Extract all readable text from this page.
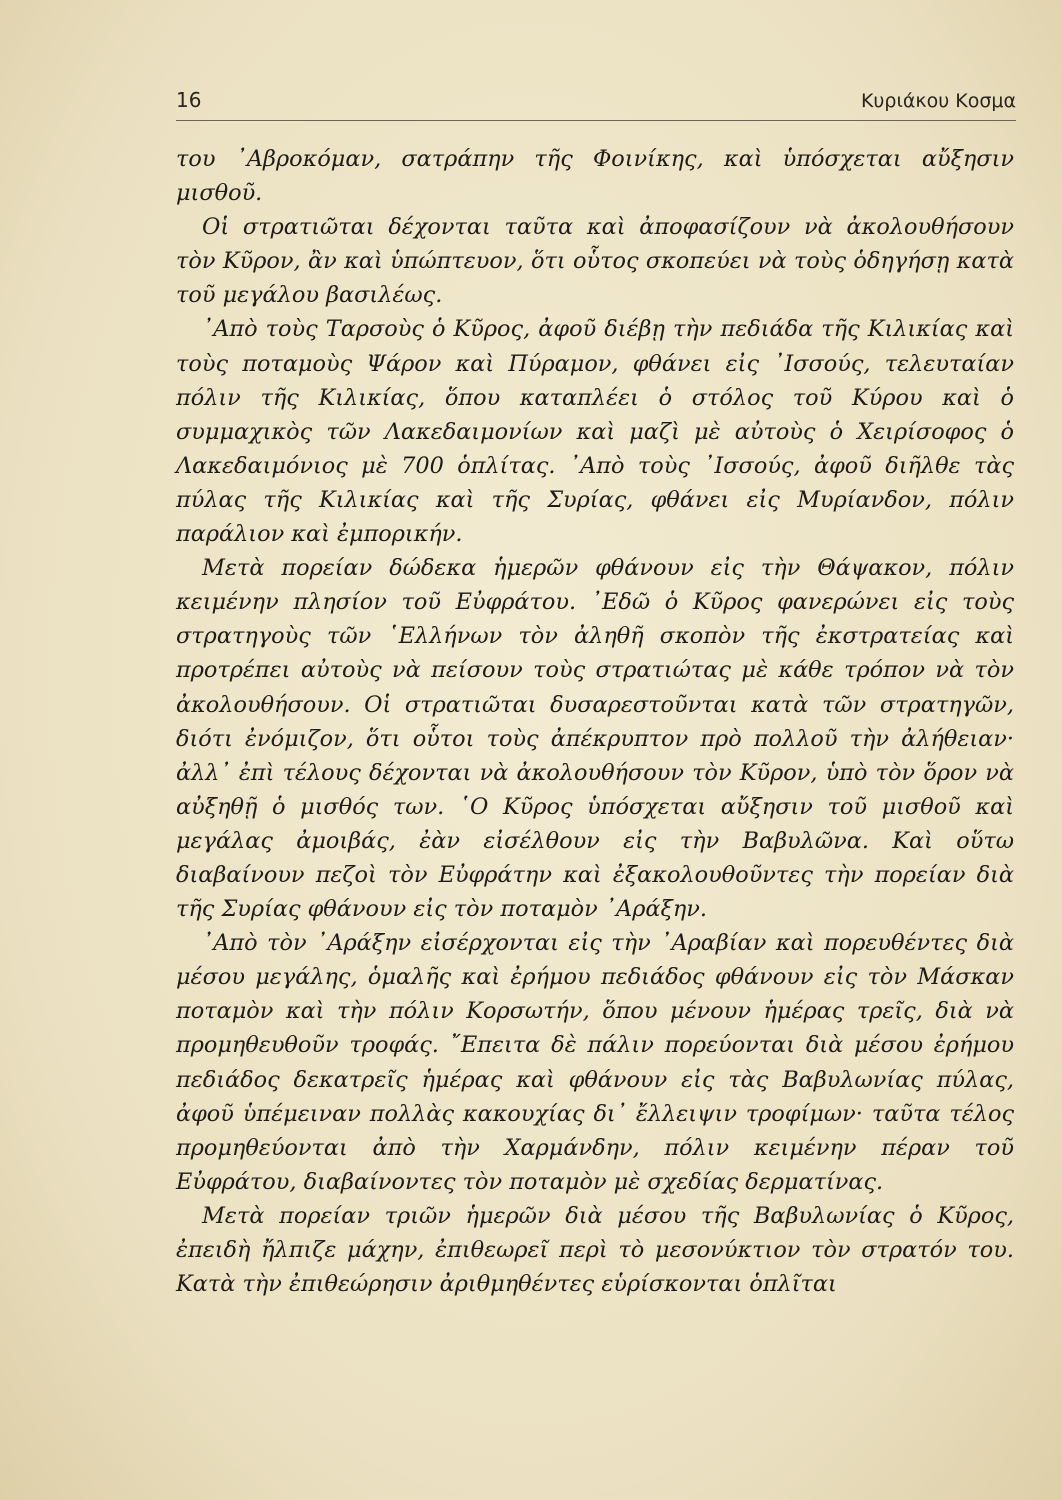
16	Κυριάκου Κοσμα

του ᾿Αβροκόμαν, σατράπην τῆς Φοινίκης, καὶ ὑπόσχεται αὔξησιν μισθοῦ.

Οἱ στρατιῶται δέχονται ταῦτα καὶ ἀποφασίζουν νὰ ἀκολουθήσουν τὸν Κῦρον, ἂν καὶ ὑπώπτευον, ὅτι οὗτος σκοπεύει νὰ τοὺς ὁδηγήσῃ κατὰ τοῦ μεγάλου βασιλέως.

᾿Απὸ τοὺς Ταρσοὺς ὁ Κῦρος, ἀφοῦ διέβῃ τὴν πεδιάδα τῆς Κιλικίας καὶ τοὺς ποταμοὺς Ψάρον καὶ Πύραμον, φθάνει εἰς ᾿Ισσούς, τελευταίαν πόλιν τῆς Κιλικίας, ὅπου καταπλέει ὁ στόλος τοῦ Κύρου καὶ ὁ συμμαχικὸς τῶν Λακεδαιμονίων καὶ μαζὶ μὲ αὐτοὺς ὁ Χειρίσοφος ὁ Λακεδαιμόνιος μὲ 700 ὁπλίτας. ᾿Απὸ τοὺς ᾿Ισσούς, ἀφοῦ διῆλθε τὰς πύλας τῆς Κιλικίας καὶ τῆς Συρίας, φθάνει εἰς Μυρίανδον, πόλιν παράλιον καὶ ἐμπορικήν.

Μετὰ πορείαν δώδεκα ἡμερῶν φθάνουν εἰς τὴν Θάψακον, πόλιν κειμένην πλησίον τοῦ Εὐφράτου. ᾿Εδῶ ὁ Κῦρος φανερώνει εἰς τοὺς στρατηγοὺς τῶν ῾Ελλήνων τὸν ἀληθῆ σκοπὸν τῆς ἐκστρατείας καὶ προτρέπει αὐτοὺς νὰ πείσουν τοὺς στρατιώτας μὲ κάθε τρόπον νὰ τὸν ἀκολουθήσουν. Οἱ στρατιῶται δυσαρεστοῦνται κατὰ τῶν στρατηγῶν, διότι ἐνόμιζον, ὅτι οὗτοι τοὺς ἀπέκρυπτον πρὸ πολλοῦ τὴν ἀλήθειαν· ἀλλ᾿ ἐπὶ τέλους δέχονται νὰ ἀκολουθήσουν τὸν Κῦρον, ὑπὸ τὸν ὅρον νὰ αὐξηθῇ ὁ μισθός των. ῾Ο Κῦρος ὑπόσχεται αὔξησιν τοῦ μισθοῦ καὶ μεγάλας ἀμοιβάς, ἐὰν εἰσέλθουν εἰς τὴν Βαβυλῶνα. Καὶ οὕτω διαβαίνουν πεζοὶ τὸν Εὐφράτην καὶ ἐξακολουθοῦντες τὴν πορείαν διὰ τῆς Συρίας φθάνουν εἰς τὸν ποταμὸν ᾿Αράξην.

᾿Απὸ τὸν ᾿Αράξην εἰσέρχονται εἰς τὴν ᾿Αραβίαν καὶ πορευθέντες διὰ μέσου μεγάλης, ὁμαλῆς καὶ ἐρήμου πεδιάδος φθάνουν εἰς τὸν Μάσκαν ποταμὸν καὶ τὴν πόλιν Κορσωτήν, ὅπου μένουν ἡμέρας τρεῖς, διὰ νὰ προμηθευθοῦν τροφάς. ῎Επειτα δὲ πάλιν πορεύονται διὰ μέσου ἐρήμου πεδιάδος δεκατρεῖς ἡμέρας καὶ φθάνουν εἰς τὰς Βαβυλωνίας πύλας, ἀφοῦ ὑπέμειναν πολλὰς κακουχίας δι᾿ ἔλλειψιν τροφίμων· ταῦτα τέλος προμηθεύονται ἀπὸ τὴν Χαρμάνδην, πόλιν κειμένην πέραν τοῦ Εὐφράτου, διαβαίνοντες τὸν ποταμὸν μὲ σχεδίας δερματίνας.

Μετὰ πορείαν τριῶν ἡμερῶν διὰ μέσου τῆς Βαβυλωνίας ὁ Κῦρος, ἐπειδὴ ἤλπιζε μάχην, ἐπιθεωρεῖ περὶ τὸ μεσονύκτιον τὸν στρατόν του. Κατὰ τὴν ἐπιθεώρησιν ἀριθμηθέντες εὑρίσκονται ὁπλῖται
